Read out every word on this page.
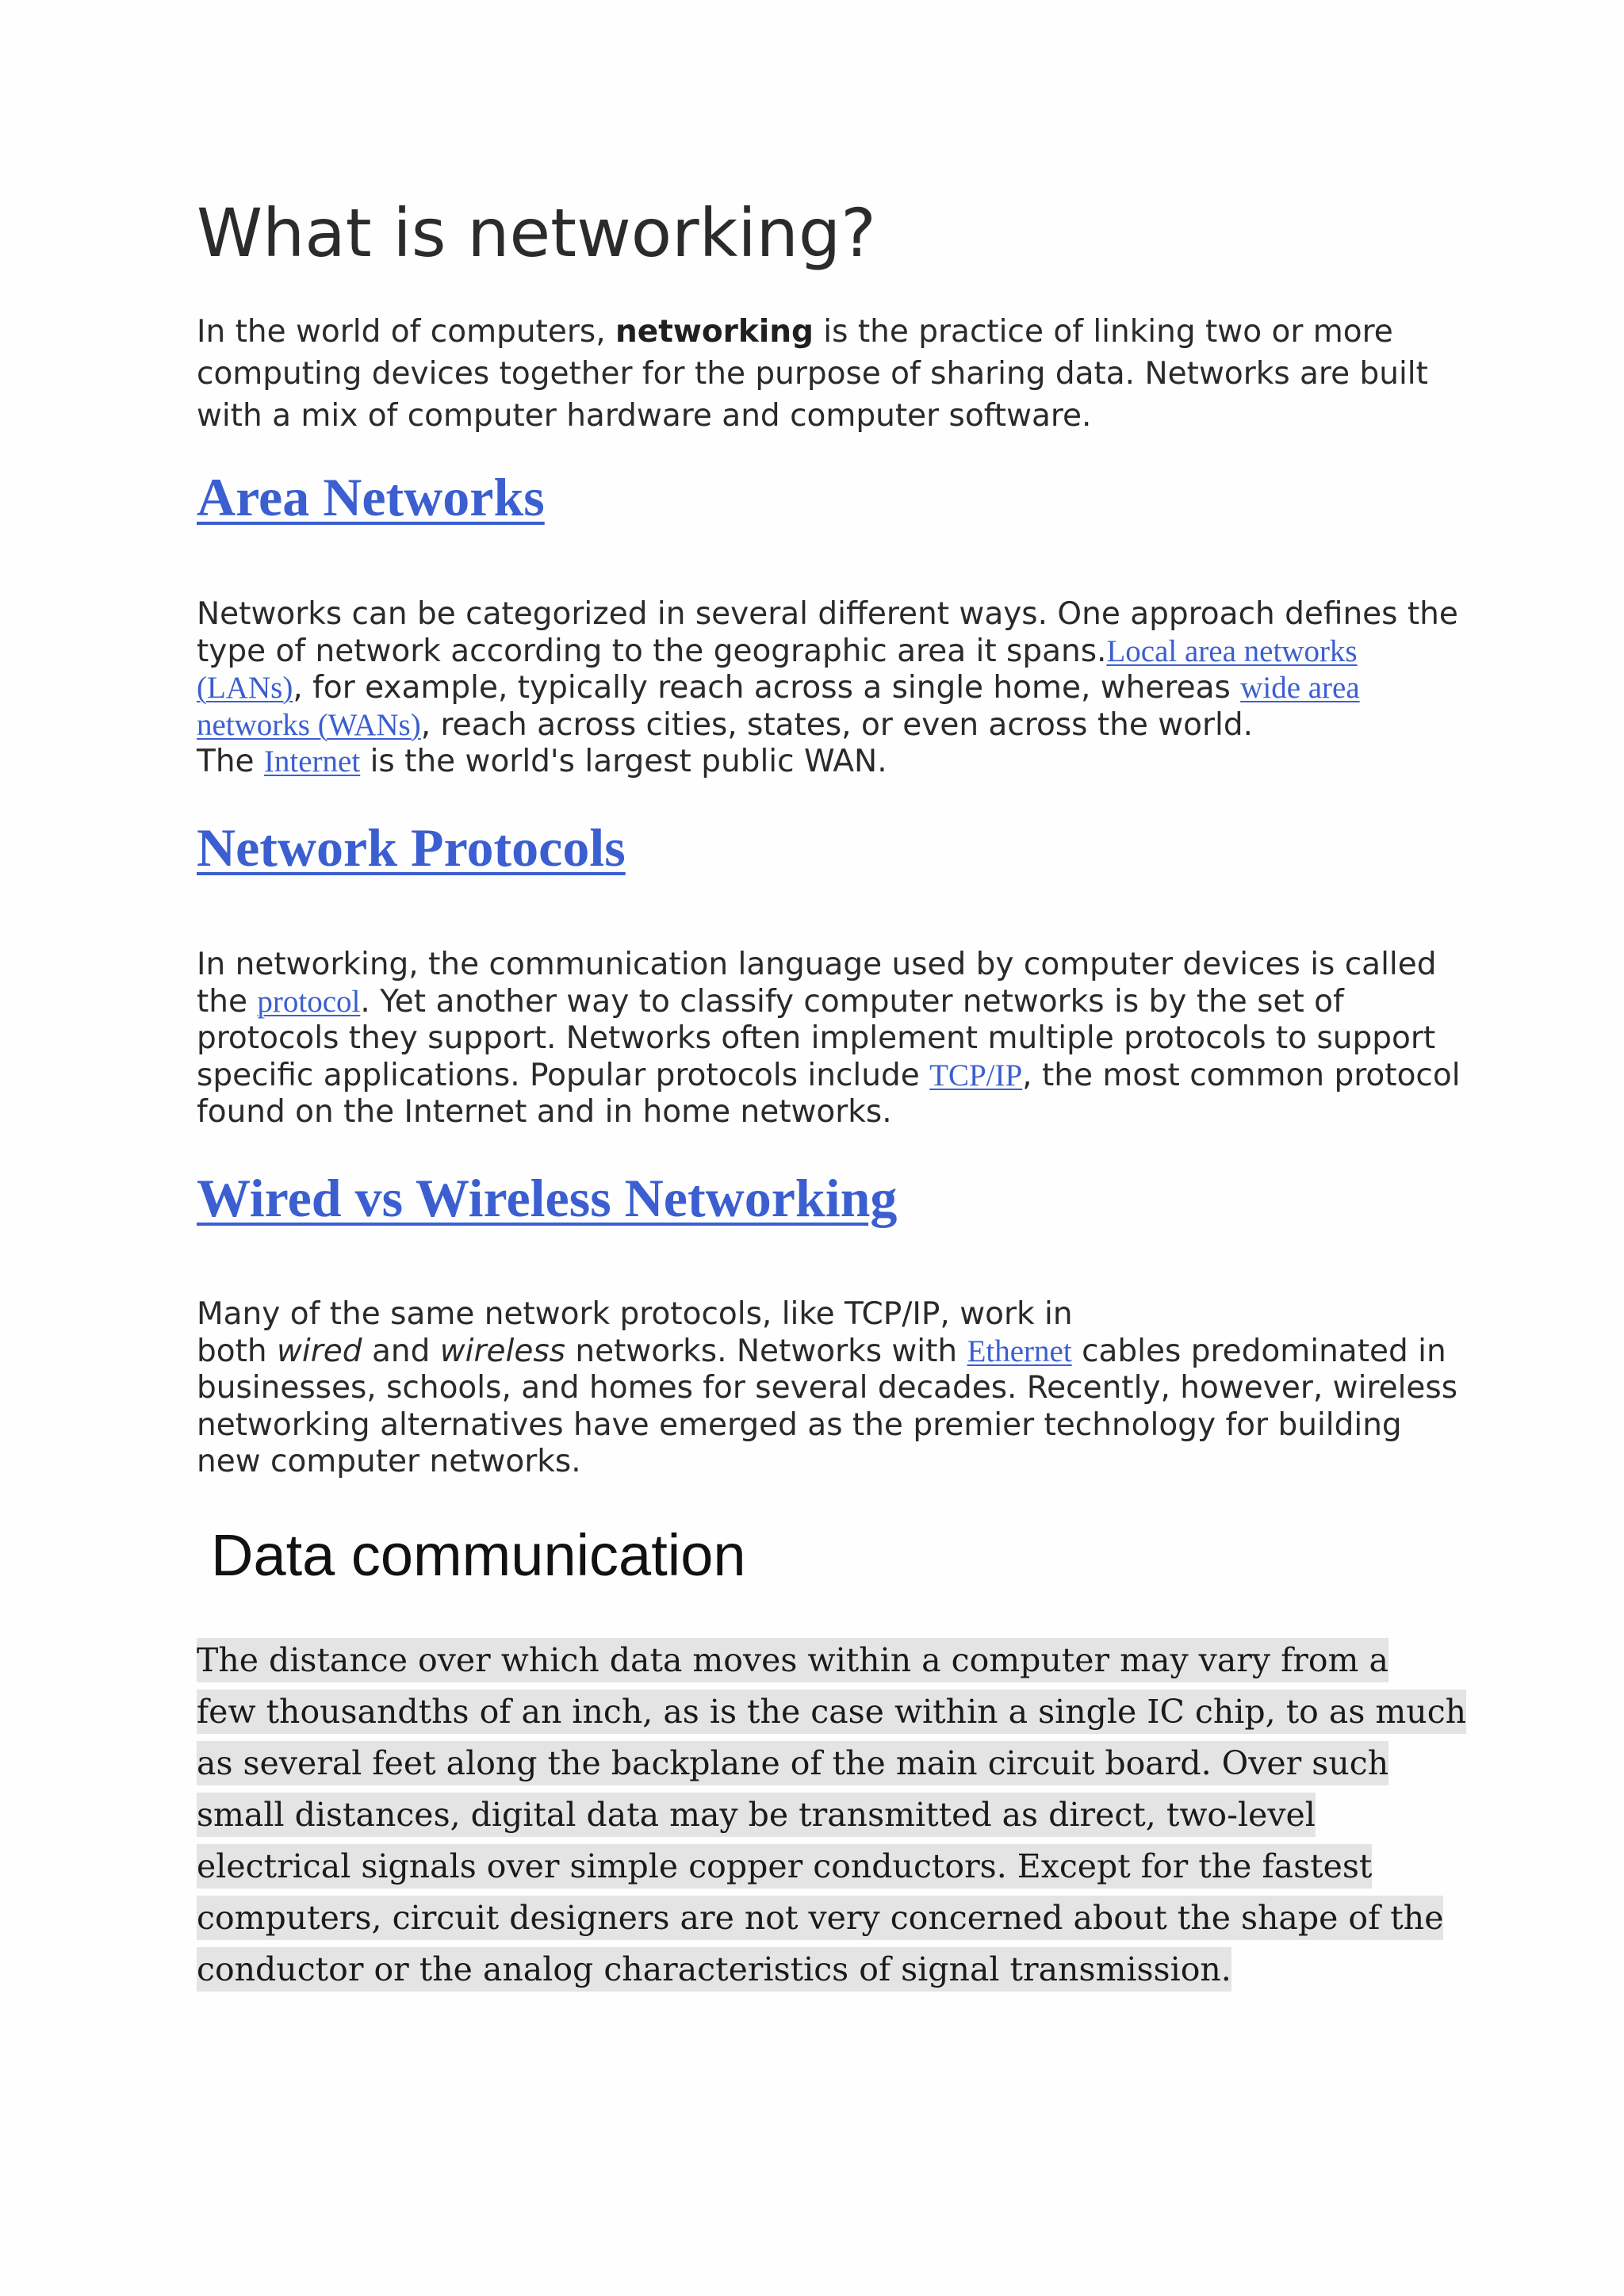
What is networking?

In the world of computers, networking is the practice of linking two or more computing devices together for the purpose of sharing data. Networks are built with a mix of computer hardware and computer software.

Area Networks

Networks can be categorized in several different ways. One approach defines the type of network according to the geographic area it spans.Local area networks (LANs), for example, typically reach across a single home, whereas wide area networks (WANs), reach across cities, states, or even across the world.
The Internet is the world's largest public WAN.

Network Protocols

In networking, the communication language used by computer devices is called the protocol. Yet another way to classify computer networks is by the set of protocols they support. Networks often implement multiple protocols to support specific applications. Popular protocols include TCP/IP, the most common protocol found on the Internet and in home networks.

Wired vs Wireless Networking

Many of the same network protocols, like TCP/IP, work in
both wired and wireless networks. Networks with Ethernet cables predominated in businesses, schools, and homes for several decades. Recently, however, wireless networking alternatives have emerged as the premier technology for building new computer networks.

Data communication

The distance over which data moves within a computer may vary from a
few thousandths of an inch, as is the case within a single IC chip, to as much
as several feet along the backplane of the main circuit board. Over such
small distances, digital data may be transmitted as direct, two-level
electrical signals over simple copper conductors. Except for the fastest
computers, circuit designers are not very concerned about the shape of the
conductor or the analog characteristics of signal transmission.
